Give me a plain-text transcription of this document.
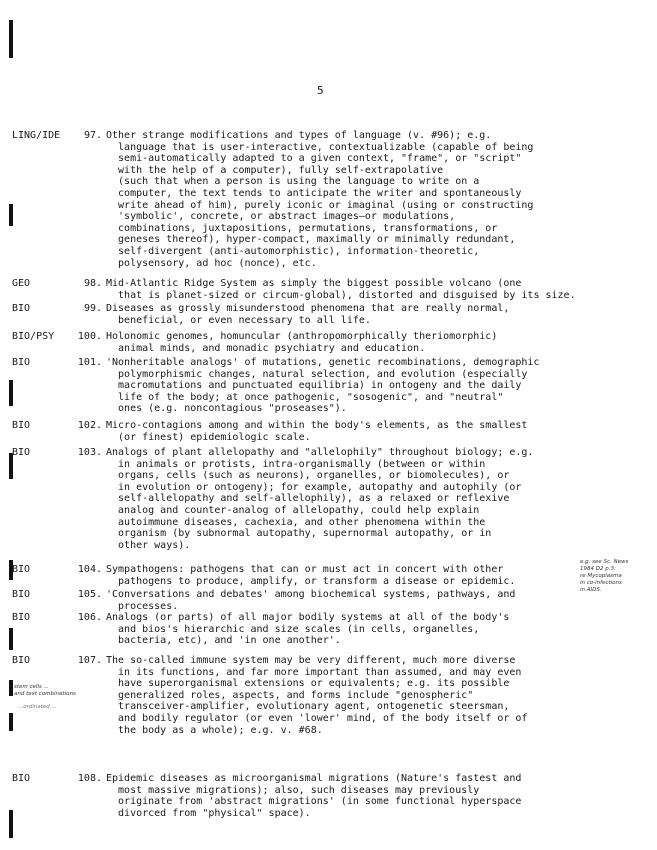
5
LING/IDE	97. Other strange modifications and types of language (v. #96); e.g.
language that is user-interactive, contextualizable (capable of being
semi-automatically adapted to a given context, "frame", or "script"
with the help of a computer), fully self-extrapolative
(such that when a person is using the language to write on a
computer, the text tends to anticipate the writer and spontaneously
write ahead of him), purely iconic or imaginal (using or constructing
'symbolic', concrete, or abstract images—or modulations,
combinations, juxtapositions, permutations, transformations, or
geneses thereof), hyper-compact, maximally or minimally redundant,
self-divergent (anti-automorphistic), information-theoretic,
polysensory, ad hoc (nonce), etc.
GEO	98. Mid-Atlantic Ridge System as simply the biggest possible volcano (one
that is planet-sized or circum-global), distorted and disguised by its size.
BIO	99. Diseases as grossly misunderstood phenomena that are really normal,
beneficial, or even necessary to all life.
BIO/PSY	100. Holonomic genomes, homuncular (anthropomorphically theriomorphic)
animal minds, and monadic psychiatry and education.
BIO	101. 'Nonheritable analogs' of mutations, genetic recombinations, demographic
polymorphismic changes, natural selection, and evolution (especially
macromutations and punctuated equilibria) in ontogeny and the daily
life of the body; at once pathogenic, "sosogenic", and "neutral"
ones (e.g. noncontagious "proseases").
BIO	102. Micro-contagions among and within the body's elements, as the smallest
(or finest) epidemiologic scale.
BIO	103. Analogs of plant allelopathy and "allelophily" throughout biology; e.g.
in animals or protists, intra-organismally (between or within
organs, cells (such as neurons), organelles, or biomolecules), or
in evolution or ontogeny); for example, autopathy and autophily (or
self-allelopathy and self-allelophily), as a relaxed or reflexive
analog and counter-analog of allelopathy, could help explain
autoimmune diseases, cachexia, and other phenomena within the
organism (by subnormal autopathy, supernormal autopathy, or in
other ways).
BIO	104. Sympathogens: pathogens that can or must act in concert with other
pathogens to produce, amplify, or transform a disease or epidemic.
BIO	105. 'Conversations and debates' among biochemical systems, pathways, and
processes.
BIO	106. Analogs (or parts) of all major bodily systems at all of the body's
and bios's hierarchic and size scales (in cells, organelles,
bacteria, etc), and 'in one another'.
BIO	107. The so-called immune system may be very different, much more diverse
in its functions, and far more important than assumed, and may even
have superorganismal extensions or equivalents; e.g. its possible
generalized roles, aspects, and forms include "genospheric"
transceiver-amplifier, evolutionary agent, ontogenetic steersman,
and bodily regulator (or even 'lower' mind, of the body itself or of
the body as a whole); e.g. v. #68.
BIO	108. Epidemic diseases as microorganismal migrations (Nature's fastest and
most massive migrations); also, such diseases may previously
originate from 'abstract migrations' (in some functional hyperspace
divorced from "physical" space).
e.g. see Sc. News
1984 D2 p.3:
re Mycoplasma
in co-infections
in AIDS.
stem cells ...
and text combinations
...ordinated ...
